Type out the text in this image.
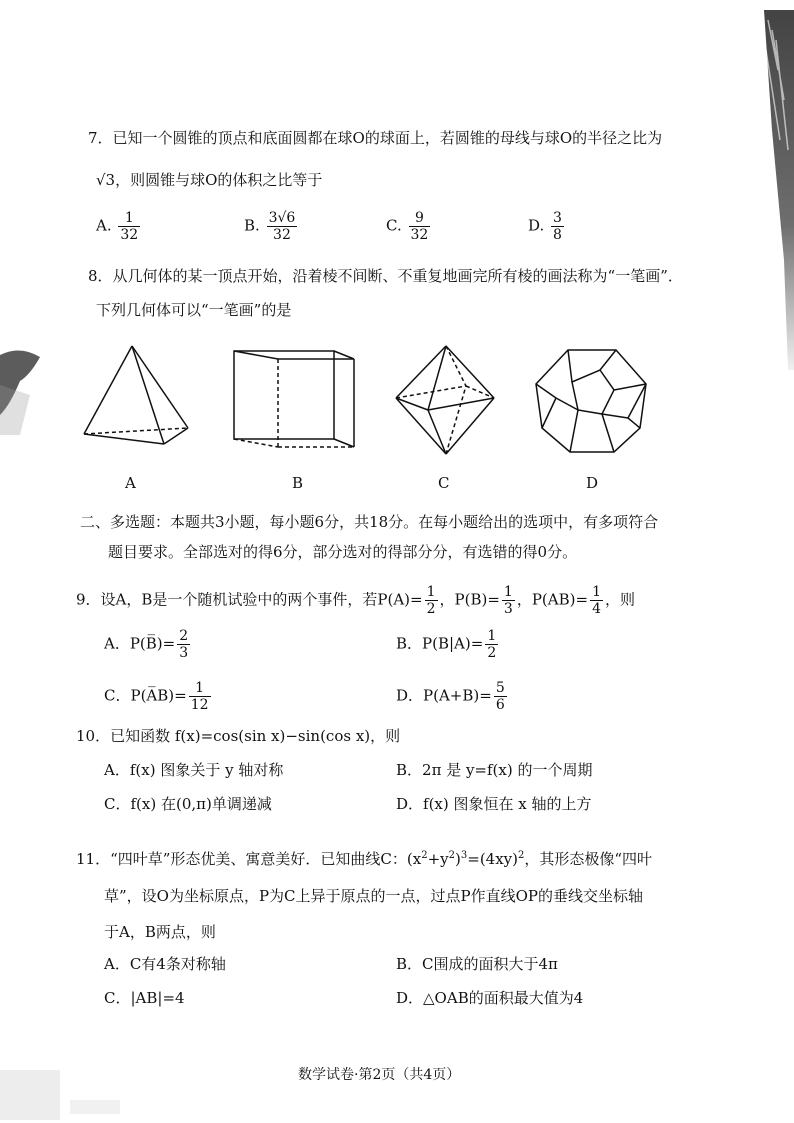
7．已知一个圆锥的顶点和底面圆都在球O的球面上，若圆锥的母线与球O的半径之比为
√3，则圆锥与球O的体积之比等于
A. $\frac{1}{32}$	B. $\frac{3√6}{32}$	C. $\frac{9}{32}$	D. $\frac{3}{8}$
8．从几何体的某一顶点开始，沿着棱不间断、不重复地画完所有棱的画法称为“一笔画”．
下列几何体可以“一笔画”的是
A	B	C	D
二、多选题：本题共3小题，每小题6分，共18分。在每小题给出的选项中，有多项符合
题目要求。全部选对的得6分，部分选对的得部分分，有选错的得0分。
9．设A，B是一个随机试验中的两个事件，若$P(A)= \frac{1}{2}$ ，$P(B)= \frac{1}{3}$ ，$P(AB)= \frac{1}{4}$ ，则
A．P(B̅)= $\frac{2}{3}$	B．$P(B|A)= \frac{1}{2}$
C．P(A̅B)= $\frac{1}{12}$	D．$P(A+B)= \frac{5}{6}$
10．已知函数 f(x)=cos(sin x)−sin(cos x)，则
A．f(x) 图象关于 y 轴对称	B．2π 是 y=f(x) 的一个周期
C．f(x) 在(0,π)单调递减	D．f(x) 图象恒在 x 轴的上方
11．“四叶草”形态优美、寓意美好．已知曲线C：$(x^2+y^2)^3=(4xy)^2$，其形态极像“四叶
草”，设O为坐标原点，P为C上异于原点的一点，过点P作直线OP的垂线交坐标轴
于A，B两点，则
A．C有4条对称轴	B．C围成的面积大于4π
C．|AB|=4	D．△OAB的面积最大值为4
数学试卷·第2页（共4页）
